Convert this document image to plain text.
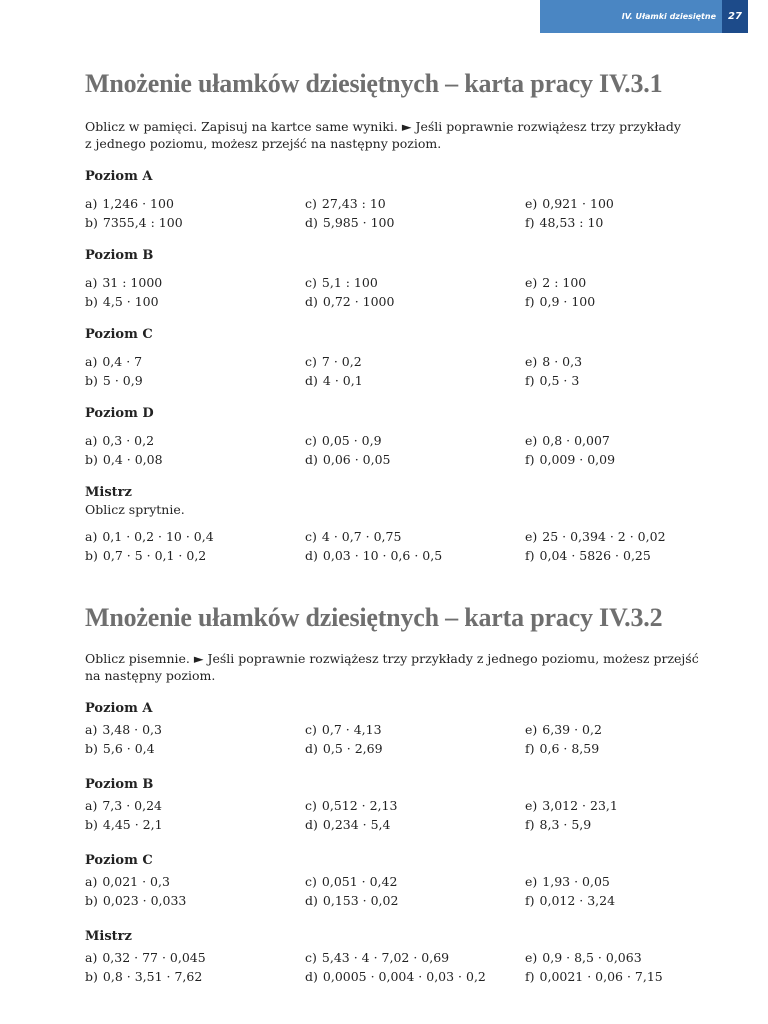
IV. Ułamki dziesiętne	27
Mnożenie ułamków dziesiętnych – karta pracy IV.3.1

Oblicz w pamięci. Zapisuj na kartce same wyniki. ► Jeśli poprawnie rozwiążesz trzy przykłady
z jednego poziomu, możesz przejść na następny poziom.

Poziom A

a) 1,246 · 100	c) 27,43 : 10	e) 0,921 · 100
b) 7355,4 : 100	d) 5,985 · 100	f) 48,53 : 10

Poziom B

a) 31 : 1000	c) 5,1 : 100	e) 2 : 100
b) 4,5 · 100	d) 0,72 · 1000	f) 0,9 · 100

Poziom C

a) 0,4 · 7	c) 7 · 0,2	e) 8 · 0,3
b) 5 · 0,9	d) 4 · 0,1	f) 0,5 · 3

Poziom D

a) 0,3 · 0,2	c) 0,05 · 0,9	e) 0,8 · 0,007
b) 0,4 · 0,08	d) 0,06 · 0,05	f) 0,009 · 0,09

Mistrz

Oblicz sprytnie.

a) 0,1 · 0,2 · 10 · 0,4	c) 4 · 0,7 · 0,75	e) 25 · 0,394 · 2 · 0,02
b) 0,7 · 5 · 0,1 · 0,2	d) 0,03 · 10 · 0,6 · 0,5	f) 0,04 · 5826 · 0,25
Mnożenie ułamków dziesiętnych – karta pracy IV.3.2

Oblicz pisemnie. ► Jeśli poprawnie rozwiążesz trzy przykłady z jednego poziomu, możesz przejść
na następny poziom.

Poziom A

a) 3,48 · 0,3	c) 0,7 · 4,13	e) 6,39 · 0,2
b) 5,6 · 0,4	d) 0,5 · 2,69	f) 0,6 · 8,59

Poziom B

a) 7,3 · 0,24	c) 0,512 · 2,13	e) 3,012 · 23,1
b) 4,45 · 2,1	d) 0,234 · 5,4	f) 8,3 · 5,9

Poziom C

a) 0,021 · 0,3	c) 0,051 · 0,42	e) 1,93 · 0,05
b) 0,023 · 0,033	d) 0,153 · 0,02	f) 0,012 · 3,24

Mistrz

a) 0,32 · 77 · 0,045	c) 5,43 · 4 · 7,02 · 0,69	e) 0,9 · 8,5 · 0,063
b) 0,8 · 3,51 · 7,62	d) 0,0005 · 0,004 · 0,03 · 0,2	f) 0,0021 · 0,06 · 7,15
